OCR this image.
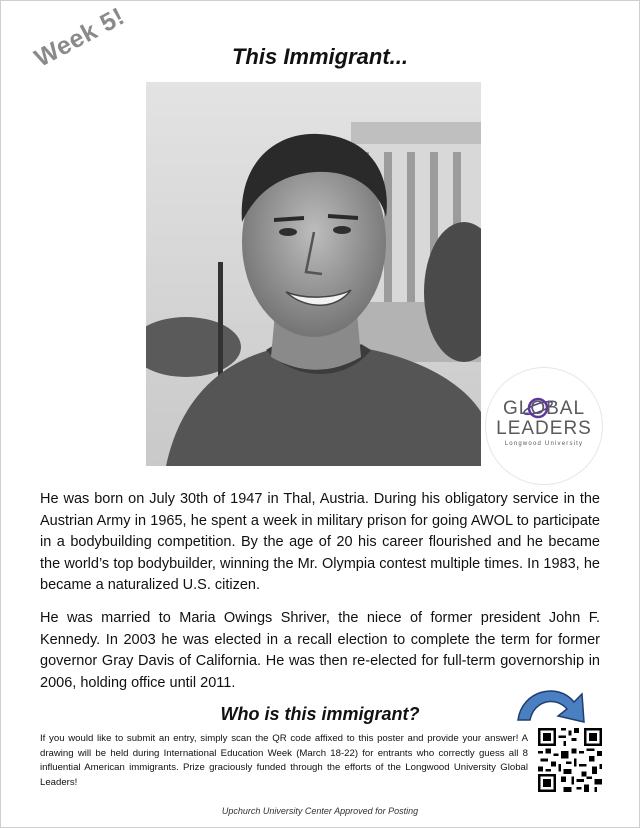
Week 5!	This Immigrant...
GLOBAL
LEADERS
Longwood University
He was born on July 30th of 1947 in Thal, Austria. During his obligatory service in the Austrian Army in 1965, he spent a week in military prison for going AWOL to participate in a bodybuilding competition. By the age of 20 his career flourished and he became the world’s top bodybuilder, winning the Mr. Olympia contest multiple times. In 1983, he became a naturalized U.S. citizen.
He was married to Maria Owings Shriver, the niece of former president John F. Kennedy. In 2003 he was elected in a recall election to complete the term for former governor Gray Davis of California. He was then re-elected for full-term governorship in 2006, holding office until 2011.
Who is this immigrant?
If you would like to submit an entry, simply scan the QR code affixed to this poster and provide your answer! A drawing will be held during International Education Week (March 18-22) for entrants who correctly guess all 8 influential American immigrants. Prize graciously funded through the efforts of the Longwood University Global Leaders!
Upchurch University Center Approved for Posting
